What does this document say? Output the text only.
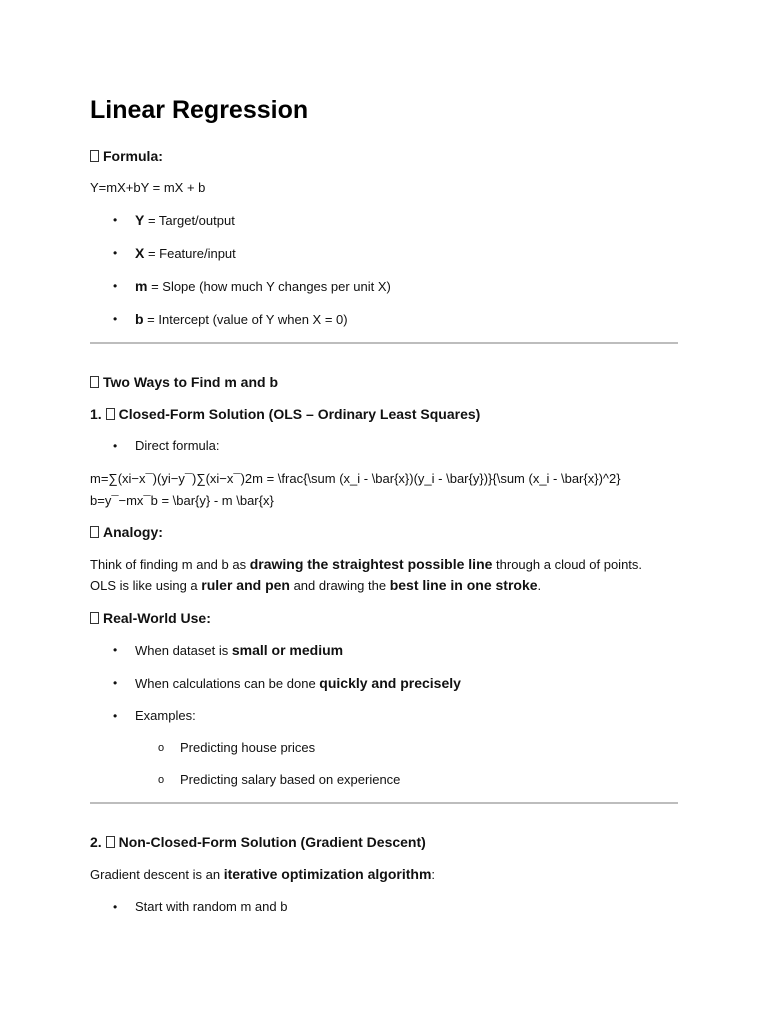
Linear Regression
Formula:
Y=mX+bY = mX + b
• Y = Target/output
• X = Feature/input
• m = Slope (how much Y changes per unit X)
• b = Intercept (value of Y when X = 0)
Two Ways to Find m and b
1. Closed-Form Solution (OLS – Ordinary Least Squares)
• Direct formula:
m=∑(xi−x¯)(yi−y¯)∑(xi−x¯)2m = \frac{\sum (x_i - \bar{x})(y_i - \bar{y})}{\sum (x_i - \bar{x})^2}
b=y¯−mx¯b = \bar{y} - m \bar{x}
Analogy:
Think of finding m and b as drawing the straightest possible line through a cloud of points.
OLS is like using a ruler and pen and drawing the best line in one stroke.
Real-World Use:
• When dataset is small or medium
• When calculations can be done quickly and precisely
• Examples:
o Predicting house prices
o Predicting salary based on experience
2. Non-Closed-Form Solution (Gradient Descent)
Gradient descent is an iterative optimization algorithm:
• Start with random m and b
